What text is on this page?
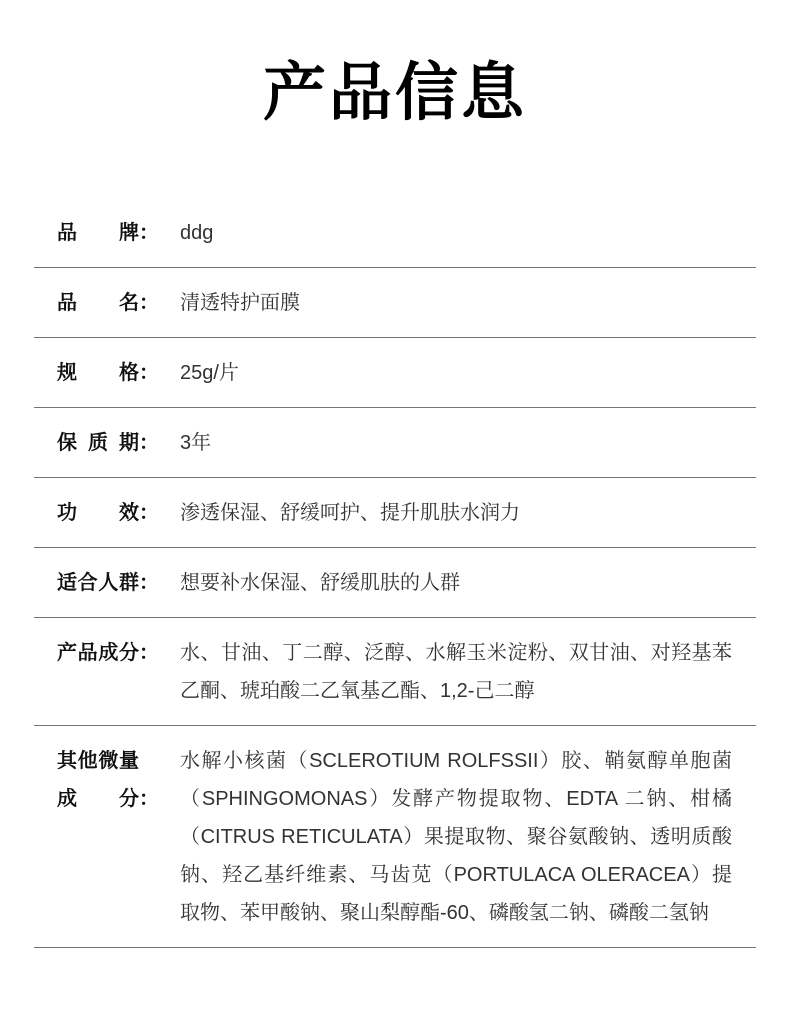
产品信息
品牌：	ddg
品名：	清透特护面膜
规格：	25g/片
保质期：	3年
功效：	渗透保湿、舒缓呵护、提升肌肤水润力
适合人群：	想要补水保湿、舒缓肌肤的人群
产品成分：	水、甘油、丁二醇、泛醇、水解玉米淀粉、双甘油、对羟基苯乙酮、琥珀酸二乙氧基乙酯、1,2-己二醇
其他微量成分：
水解小核菌（SCLEROTIUM ROLFSSII）胶、鞘氨醇单胞菌（SPHINGOMONAS）发酵产物提取物、EDTA 二钠、柑橘（CITRUS RETICULATA）果提取物、聚谷氨酸钠、透明质酸钠、羟乙基纤维素、马齿苋（PORTULACA OLERACEA）提取物、苯甲酸钠、聚山梨醇酯-60、磷酸氢二钠、磷酸二氢钠
